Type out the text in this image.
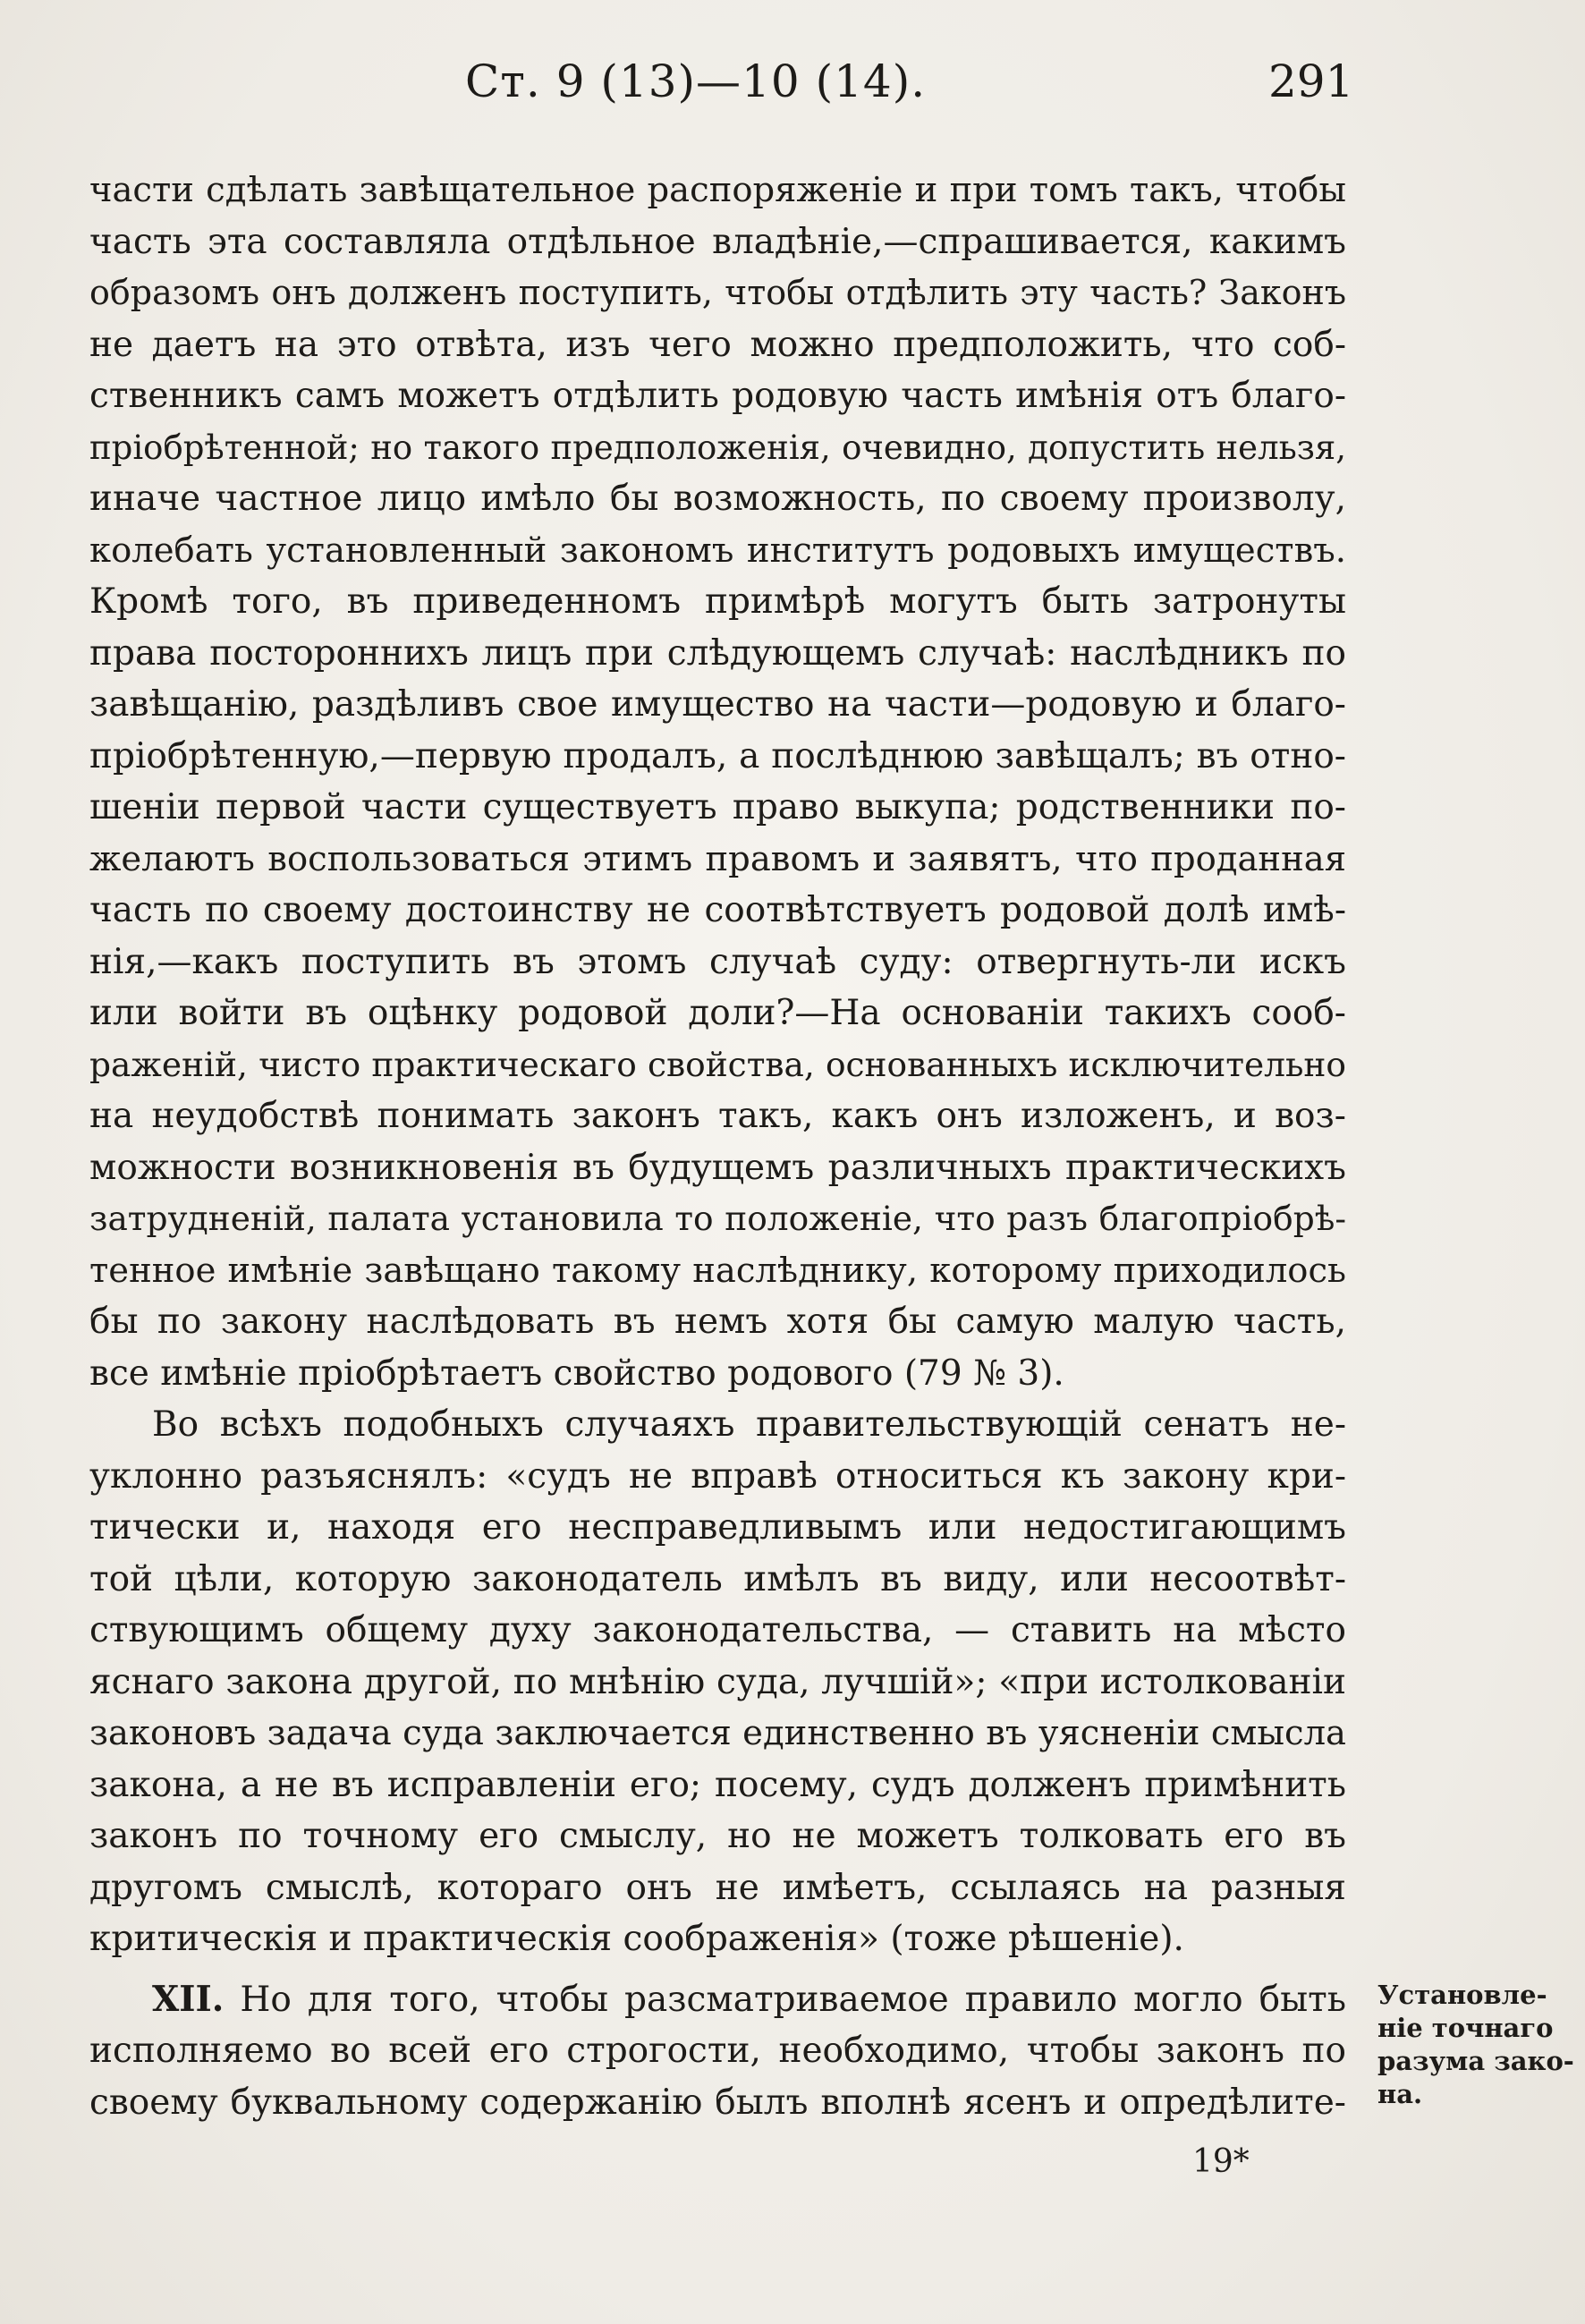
Ст. 9 (13)—10 (14).	291
части сдѣлать завѣщательное распоряженіе и при томъ такъ, чтобы
часть эта составляла отдѣльное владѣніе,—спрашивается, какимъ
образомъ онъ долженъ поступить, чтобы отдѣлить эту часть? Законъ
не даетъ на это отвѣта, изъ чего можно предположить, что соб-
ственникъ самъ можетъ отдѣлить родовую часть имѣнія отъ благо-
пріобрѣтенной; но такого предположенія, очевидно, допустить нельзя,
иначе частное лицо имѣло бы возможность, по своему произволу,
колебать установленный закономъ институтъ родовыхъ имуществъ.
Кромѣ того, въ приведенномъ примѣрѣ могутъ быть затронуты
права постороннихъ лицъ при слѣдующемъ случаѣ: наслѣдникъ по
завѣщанію, раздѣливъ свое имущество на части—родовую и благо-
пріобрѣтенную,—первую продалъ, а послѣднюю завѣщалъ; въ отно-
шеніи первой части существуетъ право выкупа; родственники по-
желаютъ воспользоваться этимъ правомъ и заявятъ, что проданная
часть по своему достоинству не соотвѣтствуетъ родовой долѣ имѣ-
нія,—какъ поступить въ этомъ случаѣ суду: отвергнуть-ли искъ
или войти въ оцѣнку родовой доли?—На основаніи такихъ сооб-
раженій, чисто практическаго свойства, основанныхъ исключительно
на неудобствѣ понимать законъ такъ, какъ онъ изложенъ, и воз-
можности возникновенія въ будущемъ различныхъ практическихъ
затрудненій, палата установила то положеніе, что разъ благопріобрѣ-
тенное имѣніе завѣщано такому наслѣднику, которому приходилось
бы по закону наслѣдовать въ немъ хотя бы самую малую часть,
все имѣніе пріобрѣтаетъ свойство родового (79 № 3).
Во всѣхъ подобныхъ случаяхъ правительствующій сенатъ не-
уклонно разъяснялъ: «судъ не вправѣ относиться къ закону кри-
тически и, находя его несправедливымъ или недостигающимъ
той цѣли, которую законодатель имѣлъ въ виду, или несоотвѣт-
ствующимъ общему духу законодательства, — ставить на мѣсто
яснаго закона другой, по мнѣнію суда, лучшій»; «при истолкованіи
законовъ задача суда заключается единственно въ уясненіи смысла
закона, а не въ исправленіи его; посему, судъ долженъ примѣнить
законъ по точному его смыслу, но не можетъ толковать его въ
другомъ смыслѣ, котораго онъ не имѣетъ, ссылаясь на разныя
критическія и практическія соображенія» (тоже рѣшеніе).
XII. Но для того, чтобы разсматриваемое правило могло быть
исполняемо во всей его строгости, необходимо, чтобы законъ по
своему буквальному содержанію былъ вполнѣ ясенъ и опредѣлите-
Установле-
ніе точнаго
разума зако-
на.
19*
